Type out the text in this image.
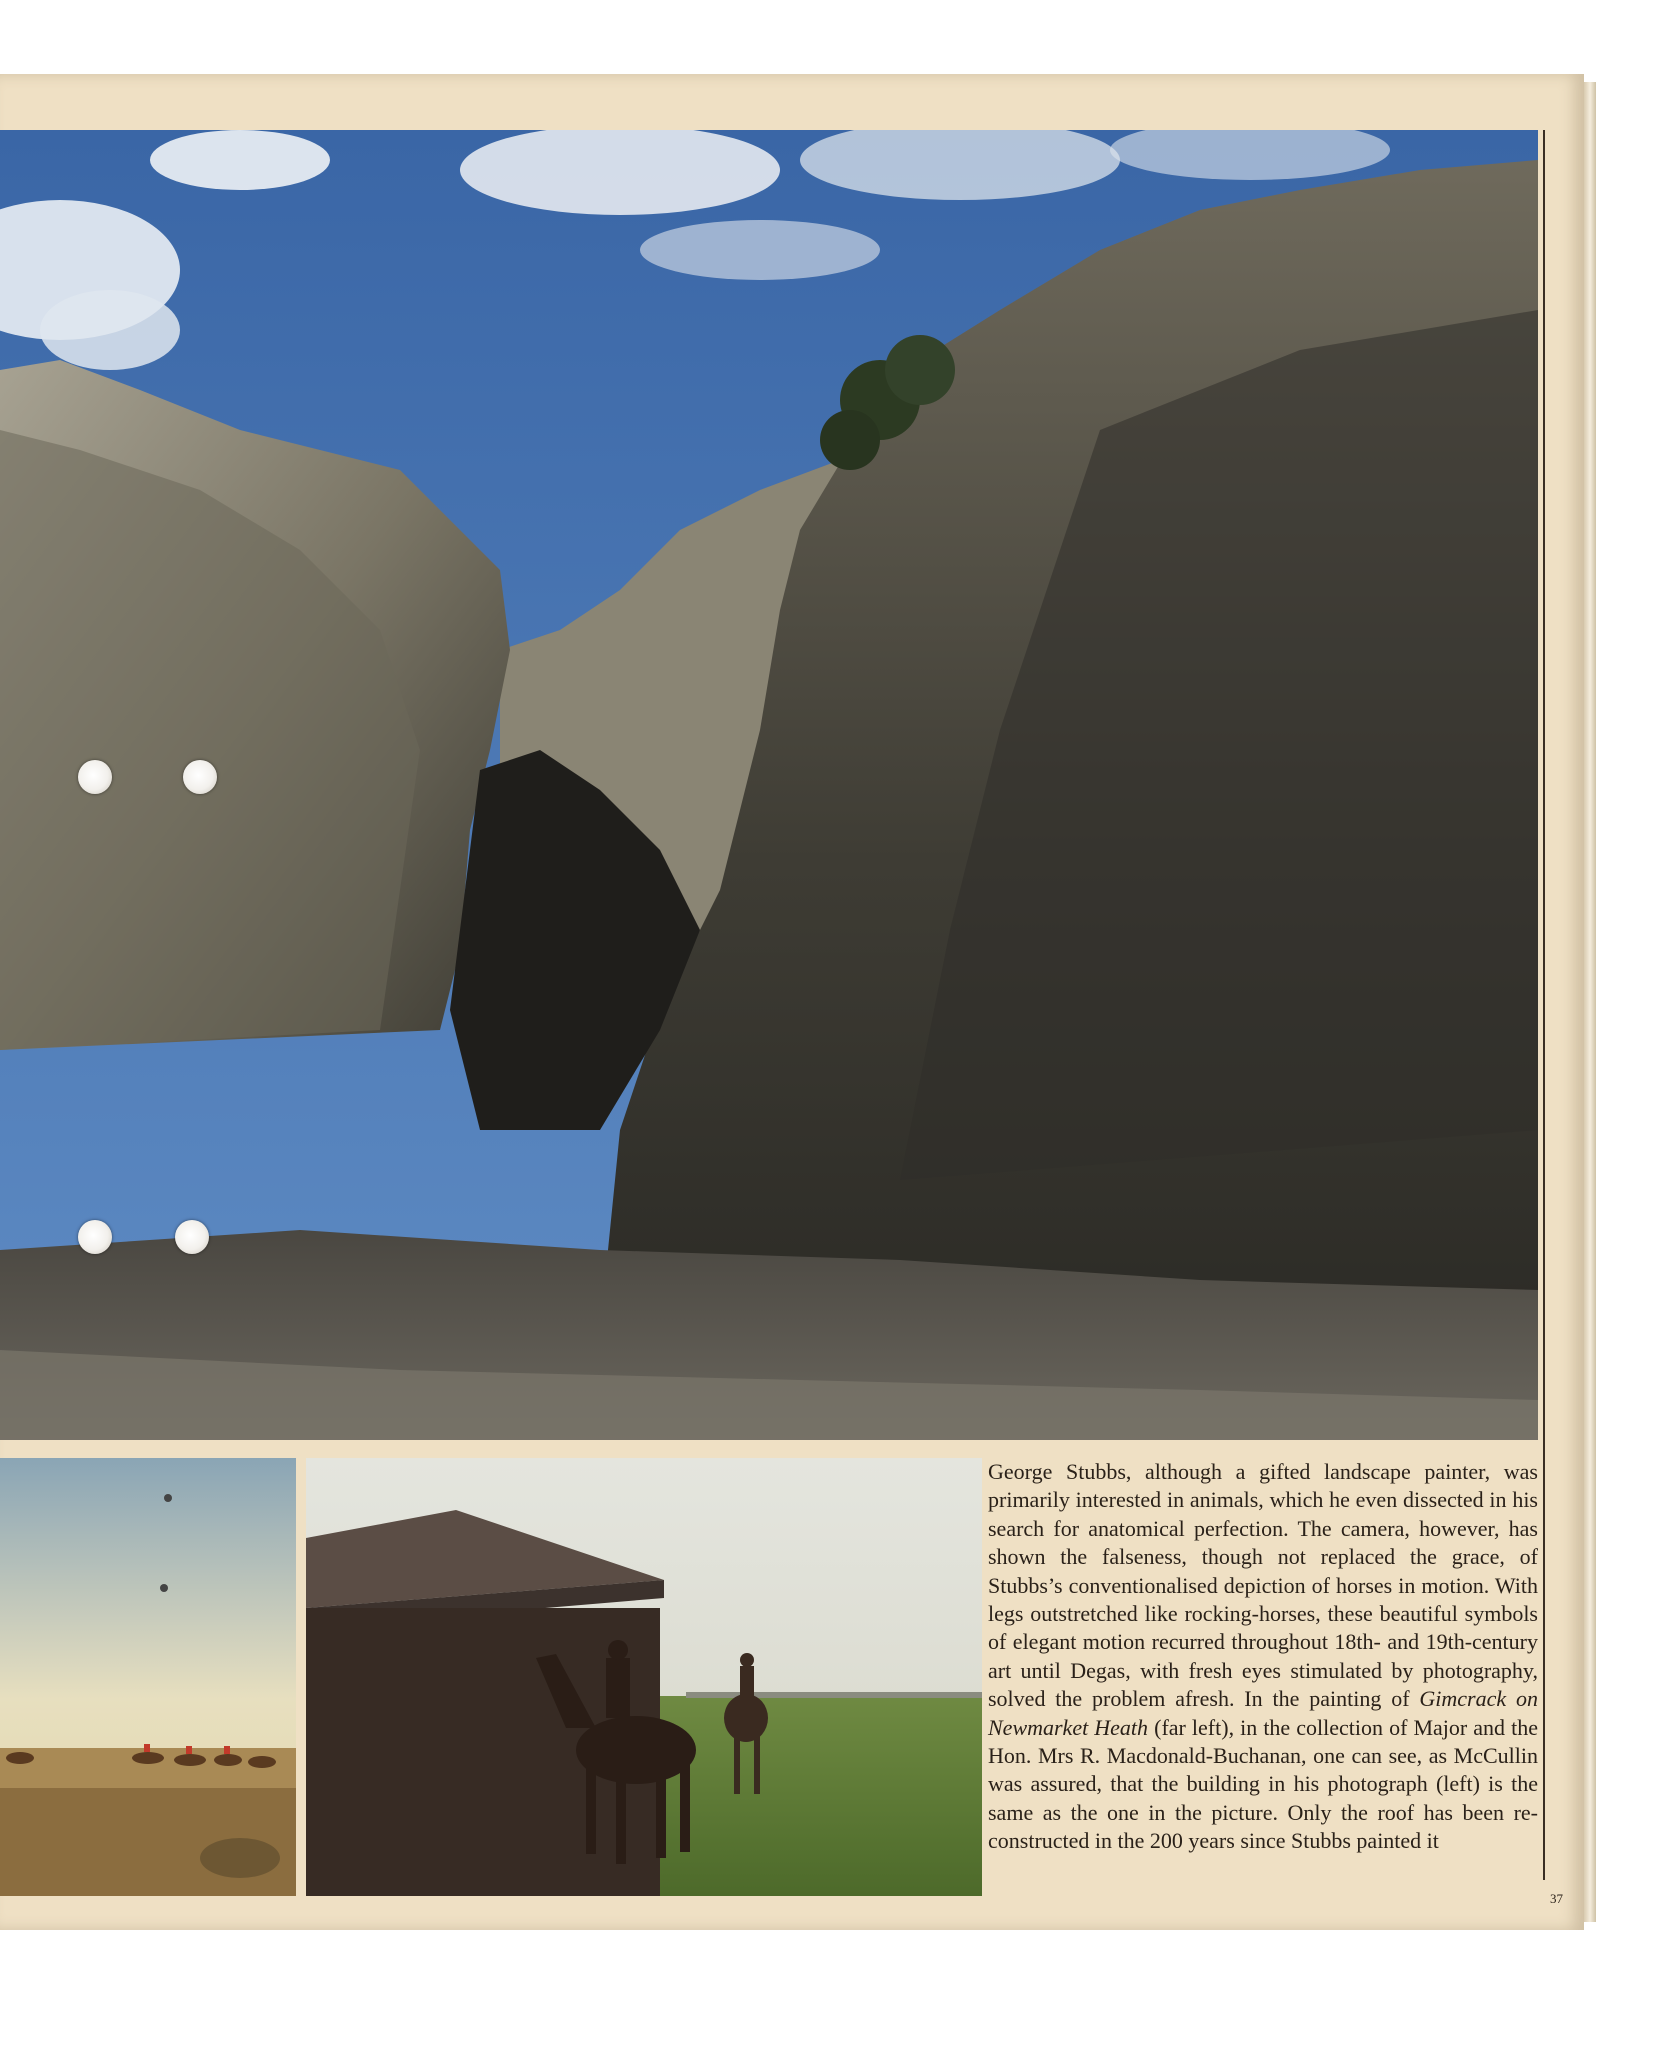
George Stubbs, although a gifted landscape painter, was primarily interested in animals, which he even dissected in his search for anatomical perfection. The camera, however, has shown the falseness, though not replaced the grace, of Stubbs’s conventionalised depiction of horses in motion. With legs outstretched like rocking-horses, these beautiful symbols of elegant motion recurred throughout 18th- and 19th-century art until Degas, with fresh eyes stimulated by photography, solved the problem afresh. In the painting of Gimcrack on Newmarket Heath (far left), in the collection of Major and the Hon. Mrs R. Macdonald-Buchanan, one can see, as McCullin was assured, that the building in his photograph (left) is the same as the one in the picture. Only the roof has been reconstructed in the 200 years since Stubbs painted it
37
